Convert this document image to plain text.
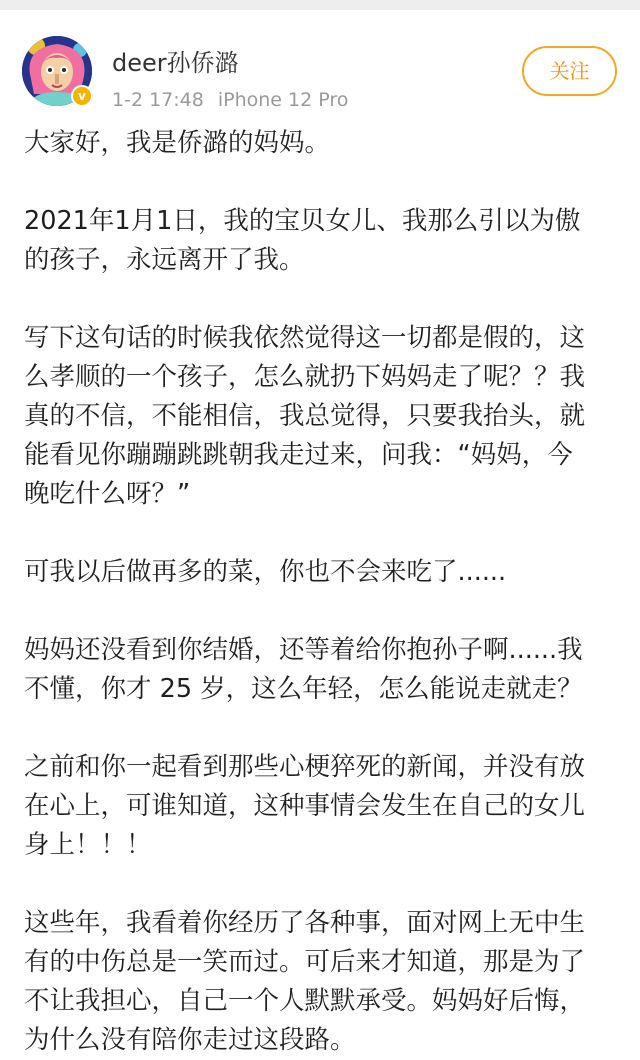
v
deer孙侨潞
1-2 17:48 iPhone 12 Pro
关注

大家好，我是侨潞的妈妈。

2021年1月1日，我的宝贝女儿、我那么引以为傲
的孩子，永远离开了我。

写下这句话的时候我依然觉得这一切都是假的，这
么孝顺的一个孩子，怎么就扔下妈妈走了呢？？我
真的不信，不能相信，我总觉得，只要我抬头，就
能看见你蹦蹦跳跳朝我走过来，问我：“妈妈，今
晚吃什么呀？”

可我以后做再多的菜，你也不会来吃了......

妈妈还没看到你结婚，还等着给你抱孙子啊......我
不懂，你才 25 岁，这么年轻，怎么能说走就走？

之前和你一起看到那些心梗猝死的新闻，并没有放
在心上，可谁知道，这种事情会发生在自己的女儿
身上！！！

这些年，我看着你经历了各种事，面对网上无中生
有的中伤总是一笑而过。可后来才知道，那是为了
不让我担心，自己一个人默默承受。妈妈好后悔，
为什么没有陪你走过这段路。
